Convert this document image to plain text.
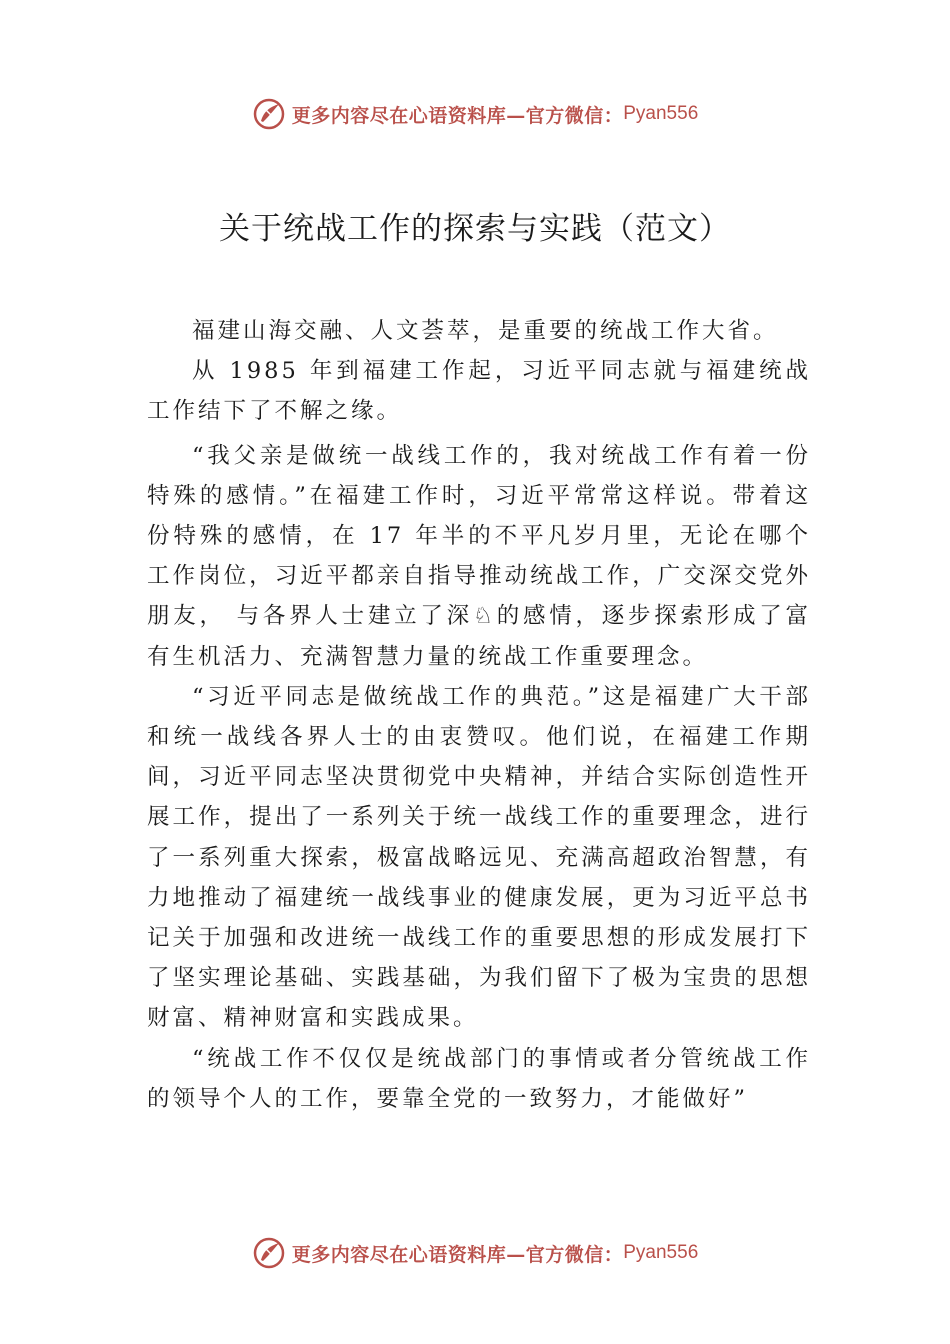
更多内容尽在心语资料库—官方微信： Pyan556
关于统战工作的探索与实践（范文）

福建山海交融、人文荟萃，是重要的统战工作大省。

从 1985 年到福建工作起，习近平同志就与福建统战工作结下了不解之缘。

“我父亲是做统一战线工作的，我对统战工作有着一份特殊的感情。”在福建工作时，习近平常常这样说。带着这份特殊的感情，在 17 年半的不平凡岁月里，无论在哪个工作岗位，习近平都亲自指导推动统战工作，广交深交党外朋友， 与各界人士建立了深♘的感情，逐步探索形成了富有生机活力、充满智慧力量的统战工作重要理念。

“习近平同志是做统战工作的典范。”这是福建广大干部和统一战线各界人士的由衷赞叹。他们说，在福建工作期间，习近平同志坚决贯彻党中央精神，并结合实际创造性开展工作，提出了一系列关于统一战线工作的重要理念，进行了一系列重大探索，极富战略远见、充满高超政治智慧，有力地推动了福建统一战线事业的健康发展，更为习近平总书记关于加强和改进统一战线工作的重要思想的形成发展打下了坚实理论基础、实践基础，为我们留下了极为宝贵的思想财富、精神财富和实践成果。

“统战工作不仅仅是统战部门的事情或者分管统战工作的领导个人的工作，要靠全党的一致努力，才能做好”

更多内容尽在心语资料库—官方微信： Pyan556
